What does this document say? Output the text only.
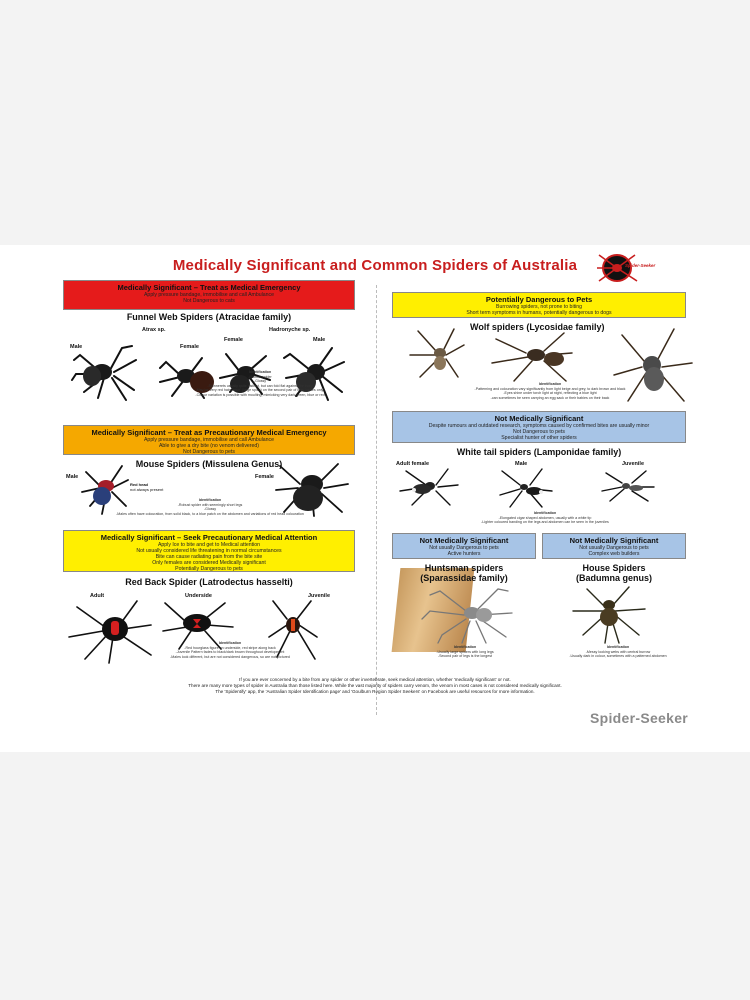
Medically Significant and Common Spiders of Australia	Spider-Seeker
Medically Significant – Treat as Medical Emergency
Apply pressure bandage, immobilise and call Ambulance
Not Dangerous to cats
Funnel Web Spiders (Atracidae family)
Atrax sp.	Hadronyche sp.
Male	Female
Female	Male
Identification
-Robust spider
-Glossy
-Spinnerets usually quite distinct, but can fold flat against the body
-May be Very red hairs 'spur' (large spike) on the second pair of legs (males only)
-Colour variation is possible with moulting, mimicking very dark green, blue or red
Medically Significant – Treat as Precautionary Medical Emergency
Apply pressure bandage, immobilise and call Ambulance
Able to give a dry bite (no venom delivered)
Not Dangerous to pets
Mouse Spiders (Missulena Genus)
Male	Female
Red head
not always present
Identification
-Robust spider with seemingly short legs
-Glossy
-Males often have colouration, from solid black, to a blue patch on the abdomen and variations of red head colouration
Medically Significant – Seek Precautionary Medical Attention
Apply Ice to bite and get to Medical attention
Not usually considered life threatening in normal circumstances
Bite can cause radiating pain from the bite site
Only females are considered Medically significant
Potentially Dangerous to pets
Red Back Spider (Latrodectus hasselti)
Adult	Underside	Juvenile
Identification
-Red hourglass figure on underside, red stripe along back
-Juvenile Pattern fades to black/dark brown throughout development
-Males look different, but are not considered dangerous, so are not pictured
Potentially Dangerous to Pets
Burrowing spiders, not prone to biting
Short term symptoms in humans, potentially dangerous to dogs
Wolf spiders (Lycosidae family)
Identification
-Patterning and colouration vary significantly from light beige and grey, to dark brown and black
-Eyes shine under torch light at night, reflecting a blue light
-can sometimes be seen carrying an egg sack or their babies on their back
Not Medically Significant
Despite rumours and outdated research, symptoms caused by confirmed bites are usually minor
Not Dangerous to pets
Specialist hunter of other spiders
White tail spiders (Lamponidae family)
Adult female	Male	Juvenile
Identification
-Elongated cigar shaped abdomen, usually with a white tip
-Lighter coloured banding on the legs and abdomen can be seen in the juveniles
Not Medically Significant
Not usually Dangerous to pets
Active hunters
Not Medically Significant
Not usually Dangerous to pets
Complex web builders
Huntsman spiders
(Sparassidae family)
House Spiders
(Badumna genus)
Identification
-Usually large spiders with long legs
-Second pair of legs is the longest
Identification
-Messy looking webs with central burrow
-Usually dark in colour, sometimes with a patterned abdomen
If you are ever concerned by a bite from any spider or other invertebrate, seek medical attention, whether 'medically significant' or not.
There are many more types of spider in Australia than those listed here. While the vast majority of spiders carry venom, the venom in most cases is not considered medically significant.
The 'Spidentify' app, the 'Australian Spider Identification page' and 'Goulburn Region Spider Seekers' on Facebook are useful resources for more information.
Spider-Seeker
